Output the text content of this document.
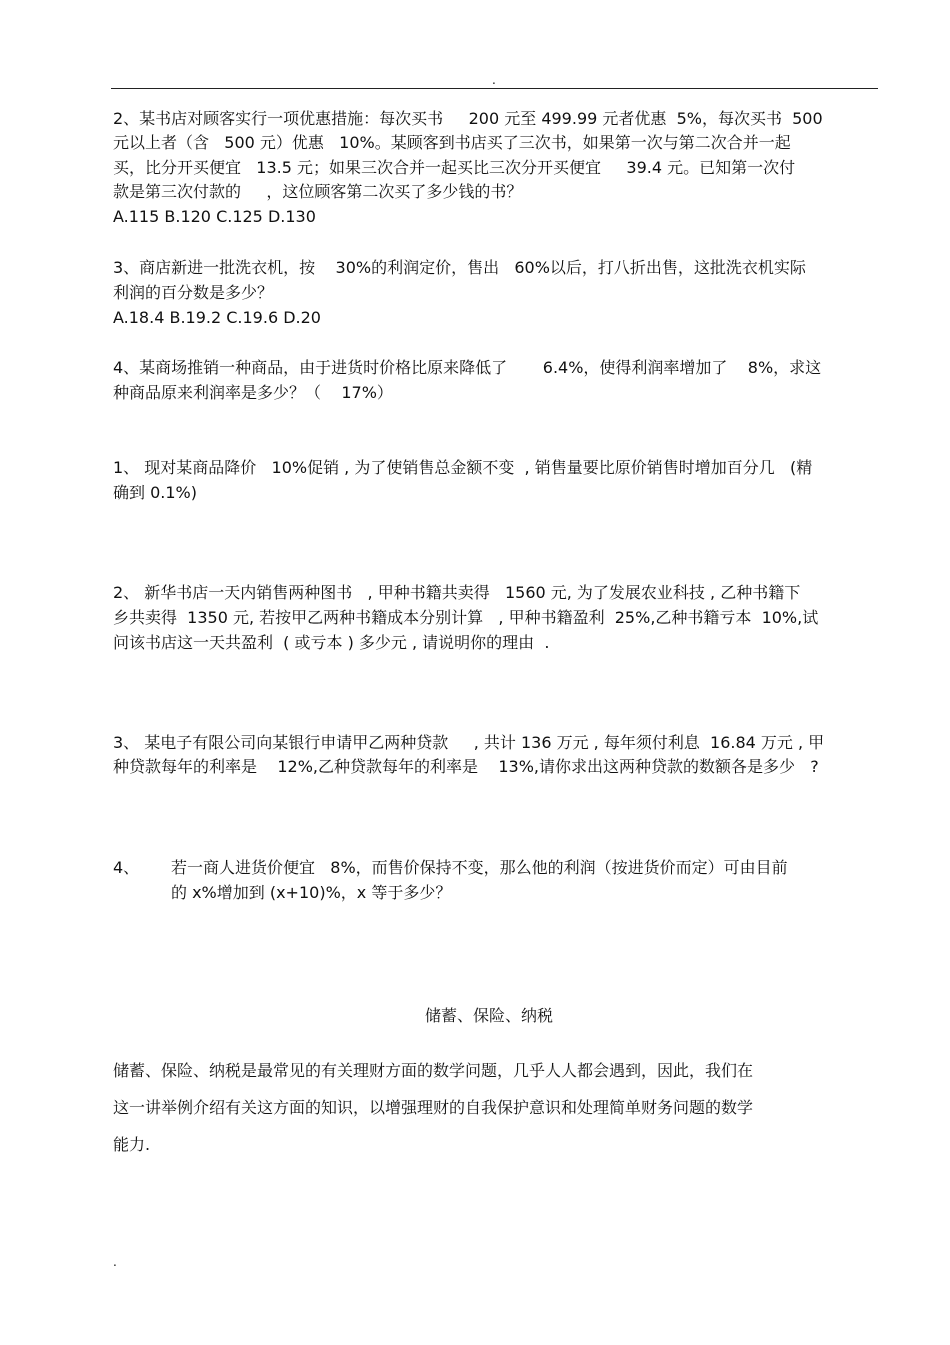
.
2、某书店对顾客实行一项优惠措施：每次买书     200 元至 499.99 元者优惠  5%，每次买书  500
元以上者（含   500 元）优惠   10%。某顾客到书店买了三次书，如果第一次与第二次合并一起
买，比分开买便宜   13.5 元；如果三次合并一起买比三次分开买便宜     39.4 元。已知第一次付
款是第三次付款的     ，这位顾客第二次买了多少钱的书？
A.115 B.120 C.125 D.130
3、商店新进一批洗衣机，按    30%的利润定价，售出   60%以后，打八折出售，这批洗衣机实际
利润的百分数是多少？
A.18.4 B.19.2 C.19.6 D.20
4、某商场推销一种商品，由于进货时价格比原来降低了       6.4%，使得利润率增加了    8%，求这
种商品原来利润率是多少？（    17%）
1、 现对某商品降价   10%促销 , 为了使销售总金额不变  , 销售量要比原价销售时增加百分几   (精
确到 0.1%)
2、 新华书店一天内销售两种图书   , 甲种书籍共卖得   1560 元, 为了发展农业科技 , 乙种书籍下
乡共卖得  1350 元, 若按甲乙两种书籍成本分别计算   , 甲种书籍盈利  25%,乙种书籍亏本  10%,试
问该书店这一天共盈利  ( 或亏本 ) 多少元 , 请说明你的理由  .
3、 某电子有限公司向某银行申请甲乙两种贷款     , 共计 136 万元 , 每年须付利息  16.84 万元 , 甲
种贷款每年的利率是    12%,乙种贷款每年的利率是    13%,请你求出这两种贷款的数额各是多少   ?
4、 若一商人进货价便宜   8%，而售价保持不变，那么他的利润（按进货价而定）可由目前
的 x%增加到 (x+10)%，x 等于多少？
储蓄、保险、纳税
储蓄、保险、纳税是最常见的有关理财方面的数学问题，几乎人人都会遇到，因此，我们在
这一讲举例介绍有关这方面的知识，以增强理财的自我保护意识和处理简单财务问题的数学
能力.
.
